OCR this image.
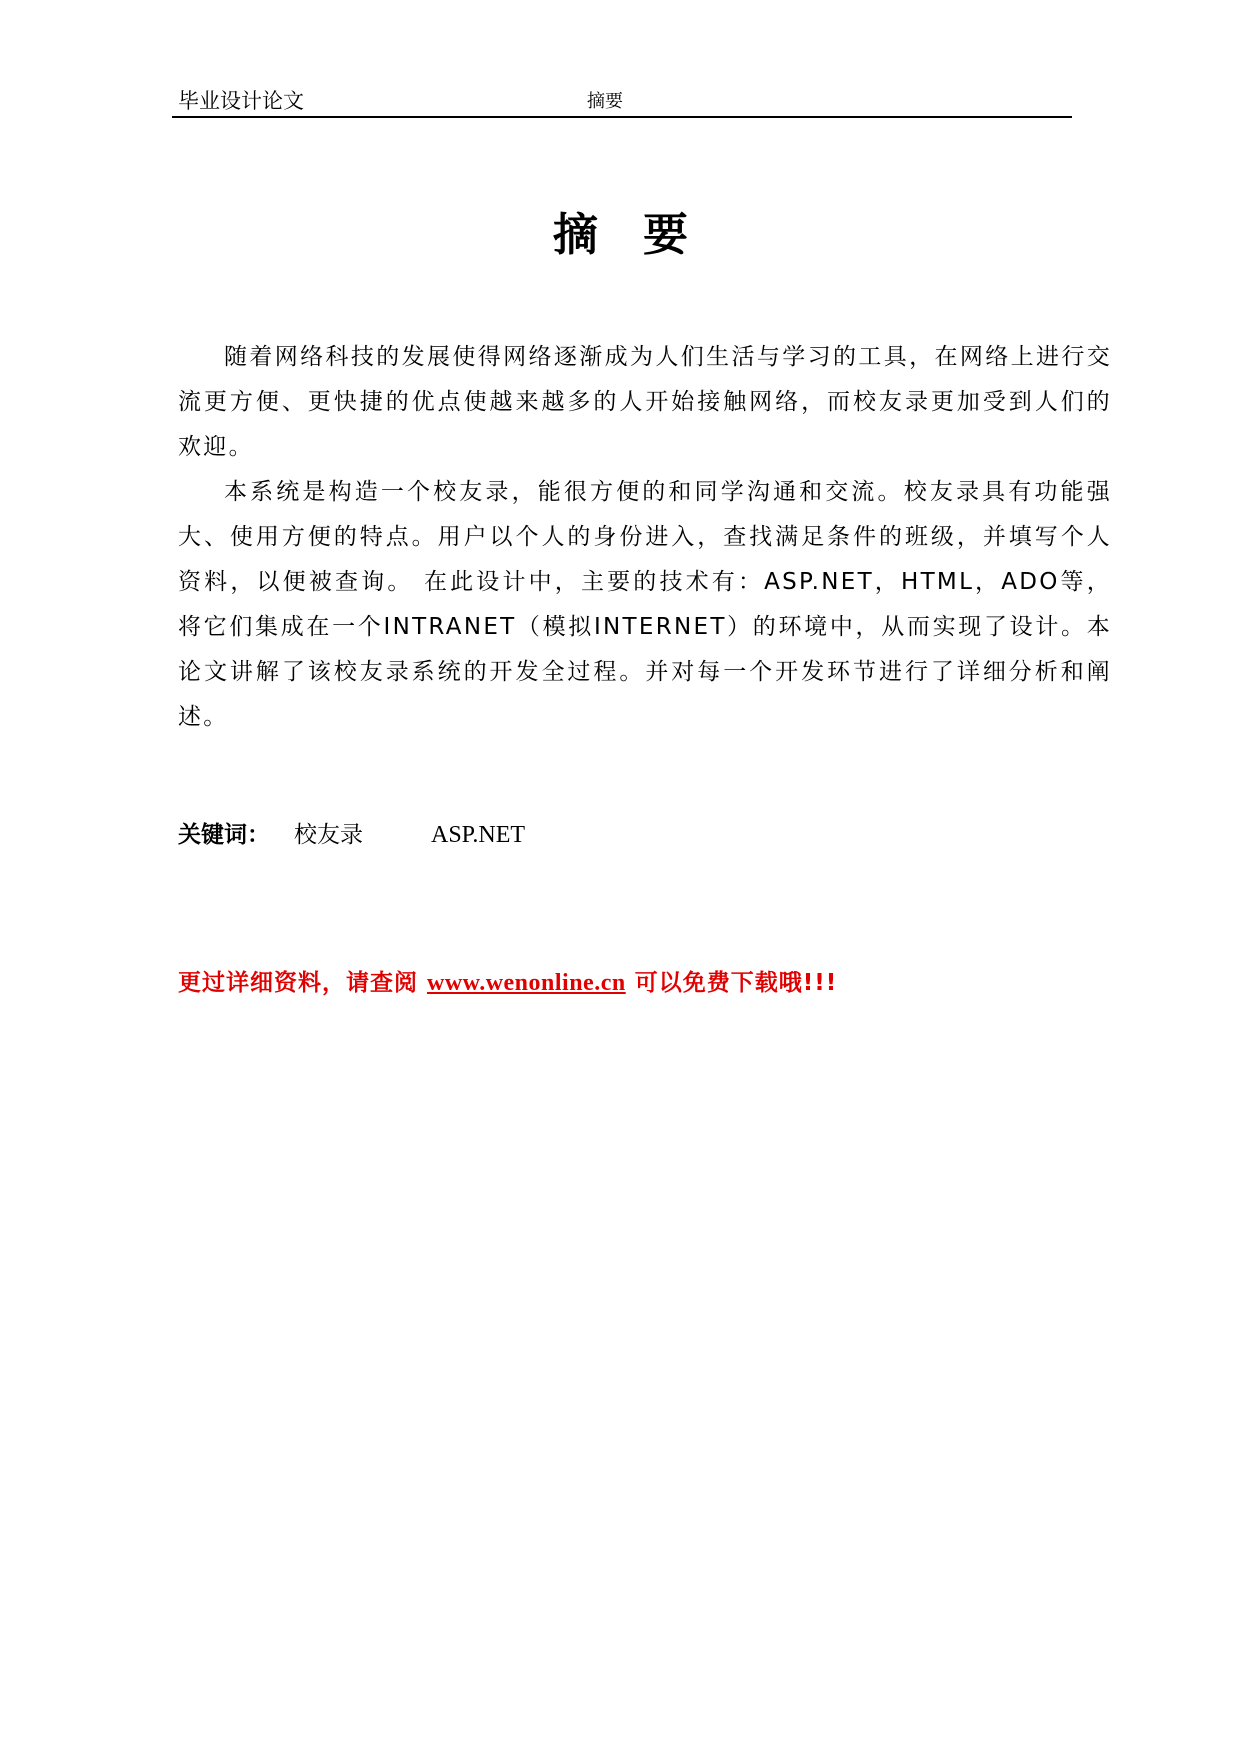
毕业设计论文	摘要
摘 要

随着网络科技的发展使得网络逐渐成为人们生活与学习的工具，在网络上进行交流更方便、更快捷的优点使越来越多的人开始接触网络，而校友录更加受到人们的欢迎。

本系统是构造一个校友录，能很方便的和同学沟通和交流。校友录具有功能强大、使用方便的特点。用户以个人的身份进入，查找满足条件的班级，并填写个人资料，以便被查询。 在此设计中，主要的技术有：ASP.NET，HTML，ADO等，将它们集成在一个INTRANET（模拟INTERNET）的环境中，从而实现了设计。本论文讲解了该校友录系统的开发全过程。并对每一个开发环节进行了详细分析和阐述。

关键词： 校友录	ASP.NET
更过详细资料，请查阅 www.wenonline.cn 可以免费下载哦!!!
